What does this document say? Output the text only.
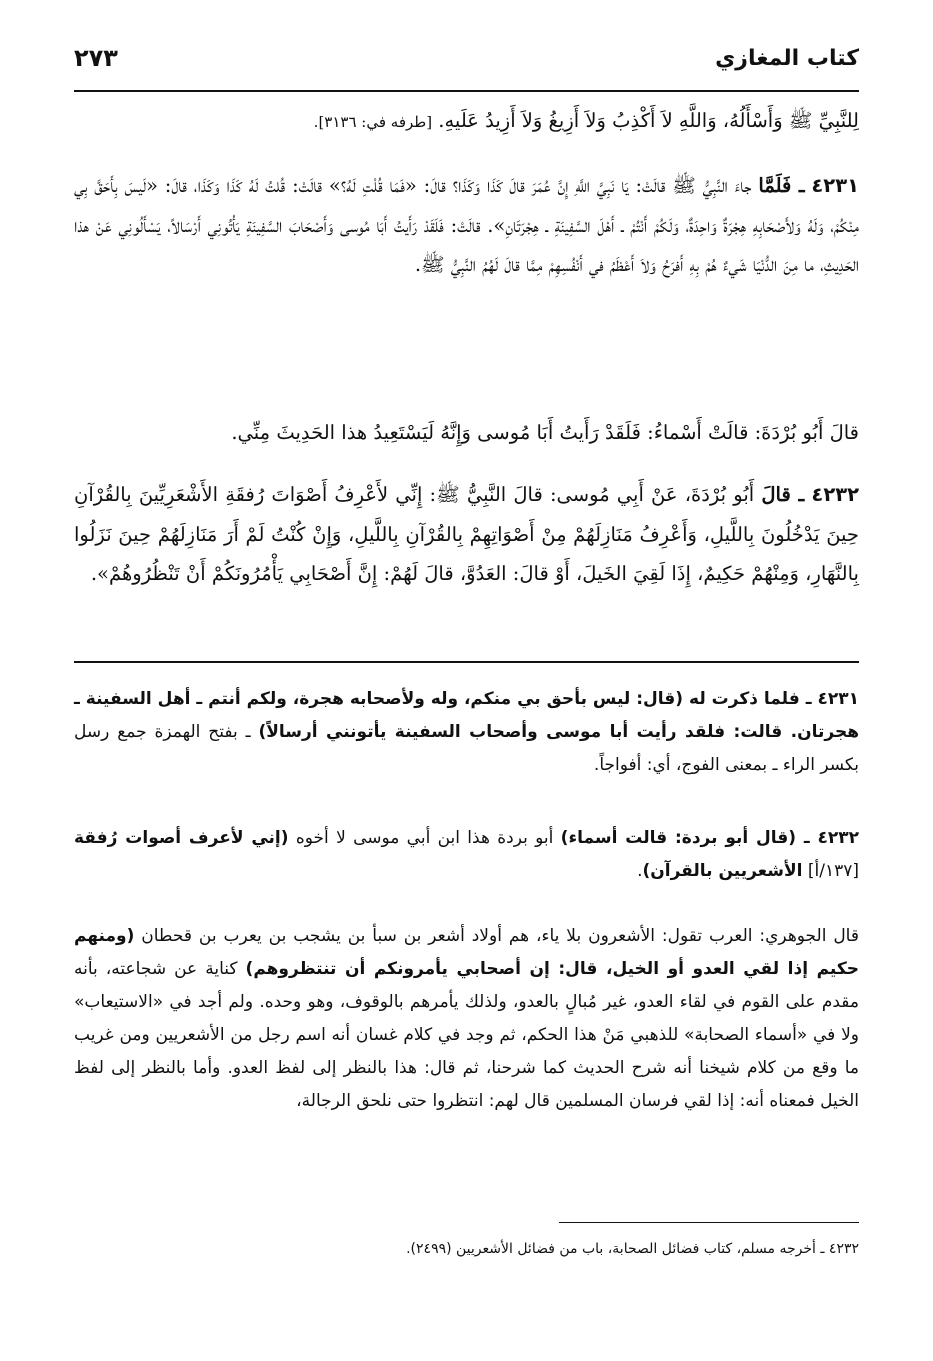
كتاب المغازي
٢٧٣

لِلنَّبِيِّ ﷺ وَأَسْأَلُهُ، وَاللَّهِ لاَ أَكْذِبُ وَلاَ أَزِيغُ وَلاَ أَزِيدُ عَلَيهِ. [طرفه في: ٣١٣٦].

٤٢٣١ ـ فَلَمَّا جاءَ النَّبِيُّ ﷺ قالَتْ: يَا نَبِيَّ اللَّهِ إِنَّ عُمَرَ قالَ كَذَا وَكَذَا؟ قالَ: «فَمَا قُلْتِ لَهُ؟» قالَتْ: قُلتُ لَهُ كَذَا وَكَذَا، قالَ: «لَيسَ بِأَحَقَّ بِي مِنْكُمْ، وَلَهُ وَلأَصْحَابِهِ هِجْرَةٌ وَاحِدَةٌ، وَلَكُمْ أَنْتُمْ ـ أَهْلَ السَّفِينَةِ ـ هِجْرَتَانِ». قالَتْ: فَلَقَدْ رَأَيتُ أَبَا مُوسى وَأَصْحَابَ السَّفِينَةِ يَأْتُونِي أَرْسَالاً، يَسْأَلُونِي عَنْ هذا الحَدِيثِ، ما مِنَ الدُّنْيَا شَيءٌ هُمْ بِهِ أَفرَحُ وَلاَ أَعْظَمُ في أَنْفُسِهِمْ مِمَّا قالَ لَهُمُ النَّبِيُّ ﷺ.

قالَ أَبُو بُرْدَةَ: قالَتْ أَسْماءُ: فَلَقَدْ رَأَيتُ أَبَا مُوسى وَإِنَّهُ لَيَسْتَعِيدُ هذا الحَدِيثَ مِنِّي.

٤٢٣٢ ـ قالَ أَبُو بُرْدَةَ، عَنْ أَبِي مُوسى: قالَ النَّبِيُّ ﷺ: إِنِّي لأَعْرِفُ أَصْوَاتَ رُفقَةِ الأَشْعَرِيِّينَ بِالقُرْآنِ حِينَ يَدْخُلُونَ بِاللَّيلِ، وَأَعْرِفُ مَنَازِلَهُمْ مِنْ أَصْوَاتِهِمْ بِالقُرْآنِ بِاللَّيلِ، وَإِنْ كُنْتُ لَمْ أَرَ مَنَازِلَهُمْ حِينَ نَزَلُوا بِالنَّهَارِ، وَمِنْهُمْ حَكِيمٌ، إِذَا لَقِيَ الخَيلَ، أَوْ قالَ: العَدُوَّ، قالَ لَهُمْ: إِنَّ أَصْحَابِي يَأْمُرُونَكُمْ أَنْ تَنْظُرُوهُمْ».

٤٢٣١ ـ فلما ذكرت له (قال: ليس بأحق بي منكم، وله ولأصحابه هجرة، ولكم أنتم ـ أهل السفينة ـ هجرتان. قالت: فلقد رأيت أبا موسى وأصحاب السفينة يأتونني أرسالاً) ـ بفتح الهمزة جمع رسل بكسر الراء ـ بمعنى الفوج، أي: أفواجاً.
٤٢٣٢ ـ (قال أبو بردة: قالت أسماء) أبو بردة هذا ابن أبي موسى لا أخوه (إني لأعرف أصوات رُفقة [١٣٧/أ] الأشعريين بالقرآن).
قال الجوهري: العرب تقول: الأشعرون بلا ياء، هم أولاد أشعر بن سبأ بن يشجب بن يعرب بن قحطان (ومنهم حكيم إذا لقي العدو أو الخيل، قال: إن أصحابي يأمرونكم أن تنتظروهم) كناية عن شجاعته، بأنه مقدم على القوم في لقاء العدو، غير مُبالٍ بالعدو، ولذلك يأمرهم بالوقوف، وهو وحده. ولم أجد في «الاستيعاب» ولا في «أسماء الصحابة» للذهبي مَنْ هذا الحكم، ثم وجد في كلام غسان أنه اسم رجل من الأشعريين ومن غريب ما وقع من كلام شيخنا أنه شرح الحديث كما شرحنا، ثم قال: هذا بالنظر إلى لفظ العدو. وأما بالنظر إلى لفظ الخيل فمعناه أنه: إذا لقي فرسان المسلمين قال لهم: انتظروا حتى نلحق الرجالة،
٤٢٣٢ ـ أخرجه مسلم، كتاب فضائل الصحابة، باب من فضائل الأشعريين (٢٤٩٩).
